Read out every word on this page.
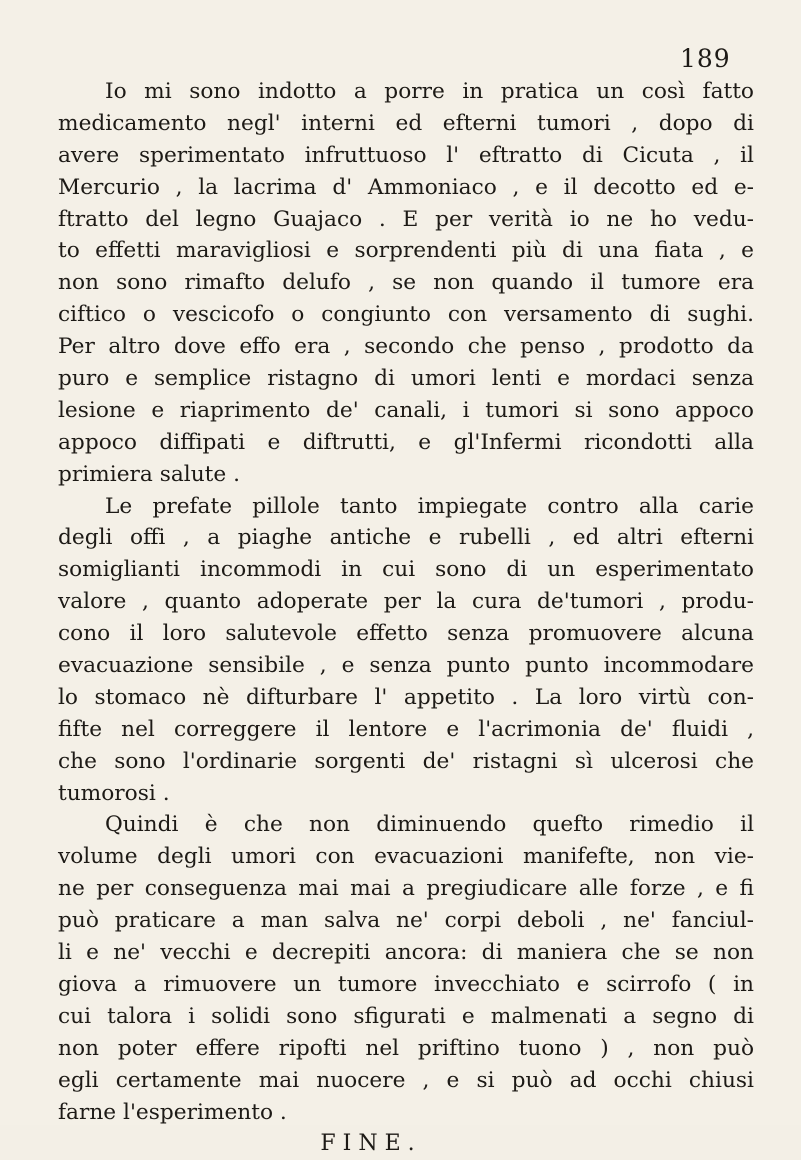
189
Io mi sono indotto a porre in pratica un così fatto
medicamento negl' interni ed efterni tumori , dopo di
avere sperimentato infruttuoso l' eftratto di Cicuta , il
Mercurio , la lacrima d' Ammoniaco , e il decotto ed e-
ftratto del legno Guajaco . E per verità io ne ho vedu-
to effetti maravigliosi e sorprendenti più di una fiata , e
non sono rimafto delufo , se non quando il tumore era
ciftico o vescicofo o congiunto con versamento di sughi.
Per altro dove effo era , secondo che penso , prodotto da
puro e semplice ristagno di umori lenti e mordaci senza
lesione e riaprimento de' canali, i tumori si sono appoco
appoco diffipati e diftrutti, e gl'Infermi ricondotti alla
primiera salute .
Le prefate pillole tanto impiegate contro alla carie
degli offi , a piaghe antiche e rubelli , ed altri efterni
somiglianti incommodi in cui sono di un esperimentato
valore , quanto adoperate per la cura de'tumori , produ-
cono il loro salutevole effetto senza promuovere alcuna
evacuazione sensibile , e senza punto punto incommodare
lo stomaco nè difturbare l' appetito . La loro virtù con-
fifte nel correggere il lentore e l'acrimonia de' fluidi ,
che sono l'ordinarie sorgenti de' ristagni sì ulcerosi che
tumorosi .
Quindi è che non diminuendo quefto rimedio il
volume degli umori con evacuazioni manifefte, non vie-
ne per conseguenza mai mai a pregiudicare alle forze , e fi
può praticare a man salva ne' corpi deboli , ne' fanciul-
li e ne' vecchi e decrepiti ancora: di maniera che se non
giova a rimuovere un tumore invecchiato e scirrofo ( in
cui talora i solidi sono sfigurati e malmenati a segno di
non poter effere ripofti nel priftino tuono ) , non può
egli certamente mai nuocere , e si può ad occhi chiusi
farne l'esperimento .
FINE.
